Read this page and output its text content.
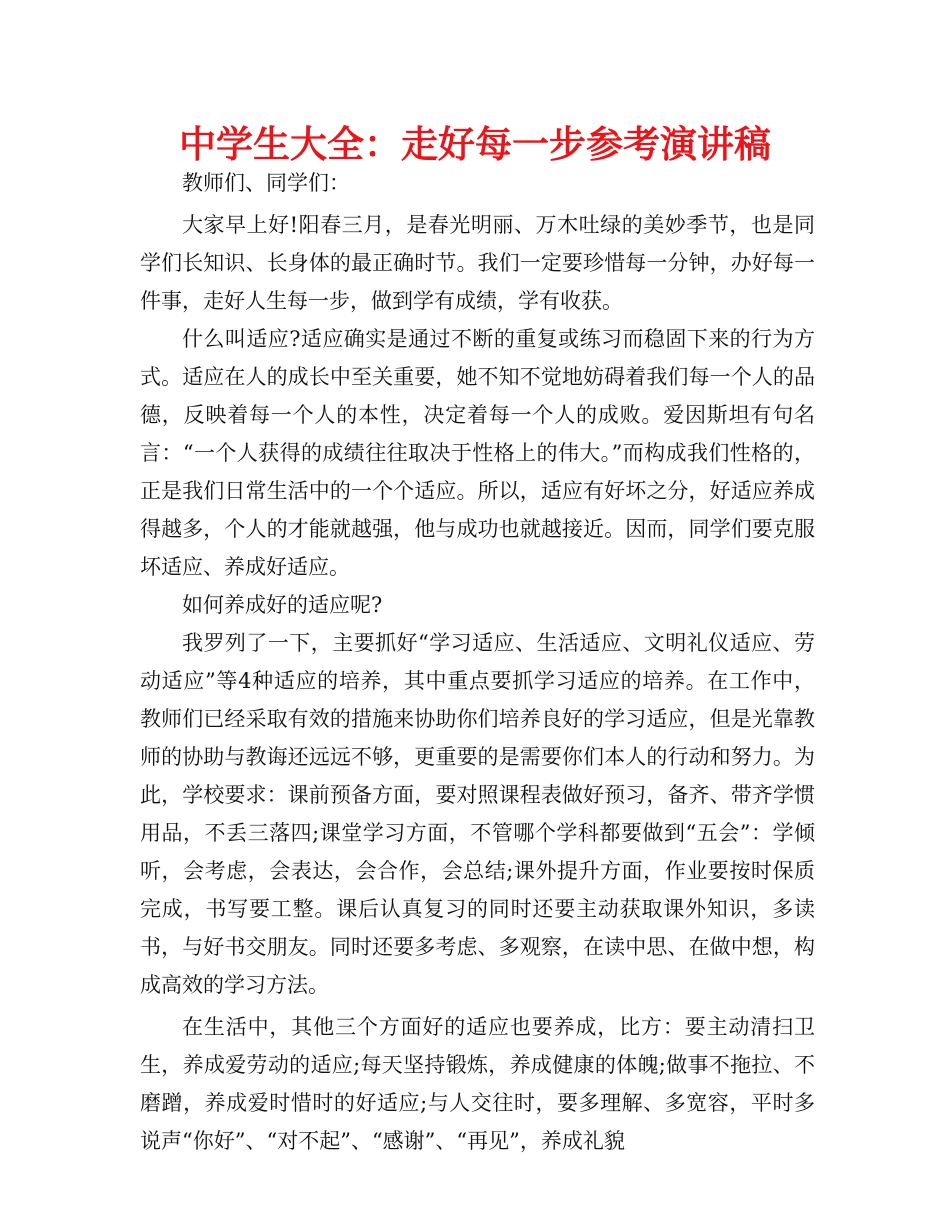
中学生大全：走好每一步参考演讲稿

教师们、同学们：

大家早上好!阳春三月，是春光明丽、万木吐绿的美妙季节，也是同学们长知识、长身体的最正确时节。我们一定要珍惜每一分钟，办好每一件事，走好人生每一步，做到学有成绩，学有收获。

什么叫适应?适应确实是通过不断的重复或练习而稳固下来的行为方式。适应在人的成长中至关重要，她不知不觉地妨碍着我们每一个人的品德，反映着每一个人的本性，决定着每一个人的成败。爱因斯坦有句名言：“一个人获得的成绩往往取决于性格上的伟大。”而构成我们性格的，正是我们日常生活中的一个个适应。所以，适应有好坏之分，好适应养成得越多，个人的才能就越强，他与成功也就越接近。因而，同学们要克服坏适应、养成好适应。

如何养成好的适应呢?

我罗列了一下，主要抓好“学习适应、生活适应、文明礼仪适应、劳动适应”等4种适应的培养，其中重点要抓学习适应的培养。在工作中，教师们已经采取有效的措施来协助你们培养良好的学习适应，但是光靠教师的协助与教诲还远远不够，更重要的是需要你们本人的行动和努力。为此，学校要求：课前预备方面，要对照课程表做好预习，备齐、带齐学惯用品，不丢三落四;课堂学习方面，不管哪个学科都要做到“五会”：学倾听，会考虑，会表达，会合作，会总结;课外提升方面，作业要按时保质完成，书写要工整。课后认真复习的同时还要主动获取课外知识，多读书，与好书交朋友。同时还要多考虑、多观察，在读中思、在做中想，构成高效的学习方法。

在生活中，其他三个方面好的适应也要养成，比方：要主动清扫卫生，养成爱劳动的适应;每天坚持锻炼，养成健康的体魄;做事不拖拉、不磨蹭，养成爱时惜时的好适应;与人交往时，要多理解、多宽容，平时多说声“你好”、“对不起”、“感谢”、“再见”，养成礼貌
